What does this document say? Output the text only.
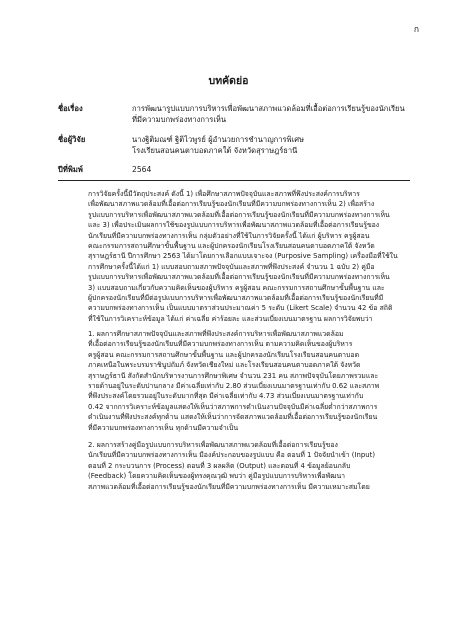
ก
บทคัดย่อ
ชื่อเรื่อง	การพัฒนารูปแบบการบริหารเพื่อพัฒนาสภาพแวดล้อมที่เอื้อต่อการเรียนรู้ของนักเรียน
ที่มีความบกพร่องทางการเห็น
ชื่อผู้วิจัย	นางฐิติมณฑ์ ฐิติไวพูรย์ ผู้อำนวยการชำนาญการพิเศษ
โรงเรียนสอนคนตาบอดภาคใต้ จังหวัดสุราษฎร์ธานี
ปีที่พิมพ์	2564

การวิจัยครั้งนี้มีวัตถุประสงค์ ดังนี้ 1) เพื่อศึกษาสภาพปัจจุบันและสภาพที่พึงประสงค์การบริหาร
เพื่อพัฒนาสภาพแวดล้อมที่เอื้อต่อการเรียนรู้ของนักเรียนที่มีความบกพร่องทางการเห็น 2) เพื่อสร้าง
รูปแบบการบริหารเพื่อพัฒนาสภาพแวดล้อมที่เอื้อต่อการเรียนรู้ของนักเรียนที่มีความบกพร่องทางการเห็น
และ 3) เพื่อประเมินผลการใช้ของรูปแบบการบริหารเพื่อพัฒนาสภาพแวดล้อมที่เอื้อต่อการเรียนรู้ของ
นักเรียนที่มีความบกพร่องทางการเห็น กลุ่มตัวอย่างที่ใช้ในการวิจัยครั้งนี้ ได้แก่ ผู้บริหาร ครูผู้สอน
คณะกรรมการสถานศึกษาขั้นพื้นฐาน และผู้ปกครองนักเรียนโรงเรียนสอนคนตาบอดภาคใต้ จังหวัด
สุราษฎร์ธานี ปีการศึกษา 2563 ได้มาโดยการเลือกแบบเจาะจง (Purposive Sampling) เครื่องมือที่ใช้ใน
การศึกษาครั้งนี้ได้แก่ 1) แบบสอบถามสภาพปัจจุบันและสภาพที่พึงประสงค์ จำนวน 1 ฉบับ 2) คู่มือ
รูปแบบการบริหารเพื่อพัฒนาสภาพแวดล้อมที่เอื้อต่อการเรียนรู้ของนักเรียนที่มีความบกพร่องทางการเห็น
3) แบบสอบถามเกี่ยวกับความคิดเห็นของผู้บริหาร ครูผู้สอน คณะกรรมการสถานศึกษาขั้นพื้นฐาน และ
ผู้ปกครองนักเรียนที่มีต่อรูปแบบการบริหารเพื่อพัฒนาสภาพแวดล้อมที่เอื้อต่อการเรียนรู้ของนักเรียนที่มี
ความบกพร่องทางการเห็น เป็นแบบมาตราส่วนประมาณค่า 5 ระดับ (Likert Scale) จำนวน 42 ข้อ สถิติ
ที่ใช้ในการวิเคราะห์ข้อมูล ได้แก่ ค่าเฉลี่ย ค่าร้อยละ และส่วนเบี่ยงเบนมาตรฐาน ผลการวิจัยพบว่า

1. ผลการศึกษาสภาพปัจจุบันและสภาพที่พึงประสงค์การบริหารเพื่อพัฒนาสภาพแวดล้อม
ที่เอื้อต่อการเรียนรู้ของนักเรียนที่มีความบกพร่องทางการเห็น ตามความคิดเห็นของผู้บริหาร
ครูผู้สอน คณะกรรมการสถานศึกษาขั้นพื้นฐาน และผู้ปกครองนักเรียนโรงเรียนสอนคนตาบอด
ภาคเหนือในพระบรมราชินูปถัมภ์ จังหวัดเชียงใหม่ และโรงเรียนสอนคนตาบอดภาคใต้ จังหวัด
สุราษฎร์ธานี สังกัดสำนักบริหารงานการศึกษาพิเศษ จำนวน 231 คน สภาพปัจจุบันโดยภาพรวมและ
รายด้านอยู่ในระดับปานกลาง มีค่าเฉลี่ยเท่ากับ 2.80 ส่วนเบี่ยงเบนมาตรฐานเท่ากับ 0.62 และสภาพ
ที่พึงประสงค์โดยรวมอยู่ในระดับมากที่สุด มีค่าเฉลี่ยเท่ากับ 4.73 ส่วนเบี่ยงเบนมาตรฐานเท่ากับ
0.42 จากการวิเคราะห์ข้อมูลแสดงให้เห็นว่าสภาพการดำเนินงานปัจจุบันมีค่าเฉลี่ยต่ำกว่าสภาพการ
ดำเนินงานที่พึงประสงค์ทุกด้าน แสดงให้เห็นว่าการจัดสภาพแวดล้อมที่เอื้อต่อการเรียนรู้ของนักเรียน
ที่มีความบกพร่องทางการเห็น ทุกด้านมีความจำเป็น

2. ผลการสร้างคู่มือรูปแบบการบริหารเพื่อพัฒนาสภาพแวดล้อมที่เอื้อต่อการเรียนรู้ของ
นักเรียนที่มีความบกพร่องทางการเห็น มีองค์ประกอบของรูปแบบ คือ ตอนที่ 1 ปัจจัยนำเข้า (Input)
ตอนที่ 2 กระบวนการ (Process) ตอนที่ 3 ผลผลิต (Output) และตอนที่ 4 ข้อมูลย้อนกลับ
(Feedback) โดยความคิดเห็นของผู้ทรงคุณวุฒิ พบว่า คู่มือรูปแบบการบริหารเพื่อพัฒนา
สภาพแวดล้อมที่เอื้อต่อการเรียนรู้ของนักเรียนที่มีความบกพร่องทางการเห็น มีความเหมาะสมโดย
